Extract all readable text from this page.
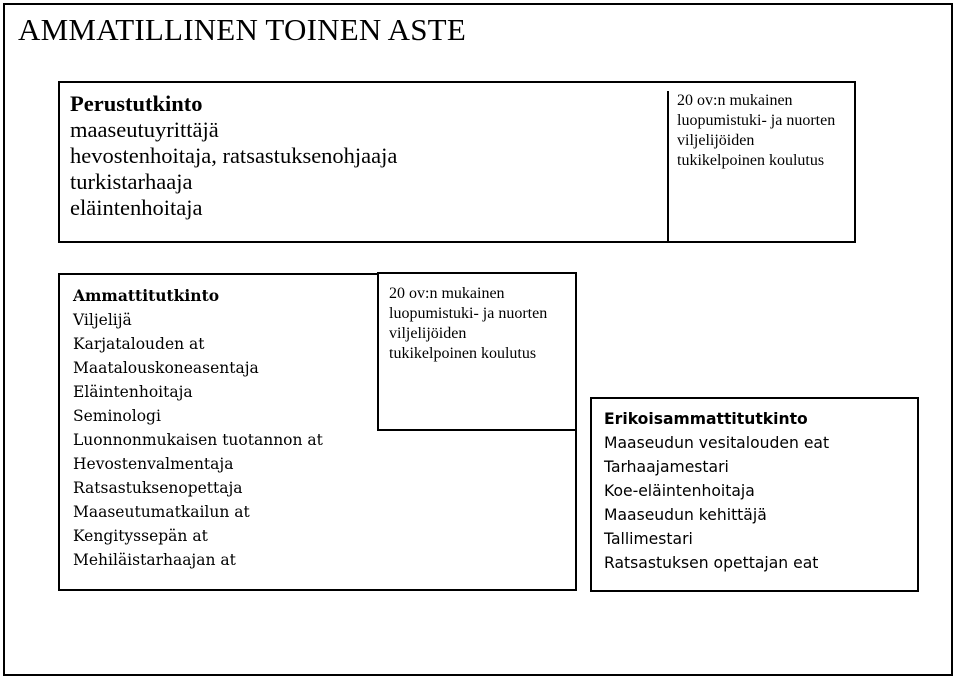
AMMATILLINEN TOINEN ASTE
Perustutkinto
maaseutuyrittäjä
hevostenhoitaja, ratsastuksenohjaaja
turkistarhaaja
eläintenhoitaja
20 ov:n mukainen
luopumistuki- ja nuorten
viljelijöiden
tukikelpoinen koulutus
Ammattitutkinto
Viljelijä
Karjatalouden at
Maatalouskoneasentaja
Eläintenhoitaja
Seminologi
Luonnonmukaisen tuotannon at
Hevostenvalmentaja
Ratsastuksenopettaja
Maaseutumatkailun at
Kengityssepän at
Mehiläistarhaajan at
20 ov:n mukainen
luopumistuki- ja nuorten
viljelijöiden
tukikelpoinen koulutus
Erikoisammattitutkinto
Maaseudun vesitalouden eat
Tarhaajamestari
Koe-eläintenhoitaja
Maaseudun kehittäjä
Tallimestari
Ratsastuksen opettajan eat
